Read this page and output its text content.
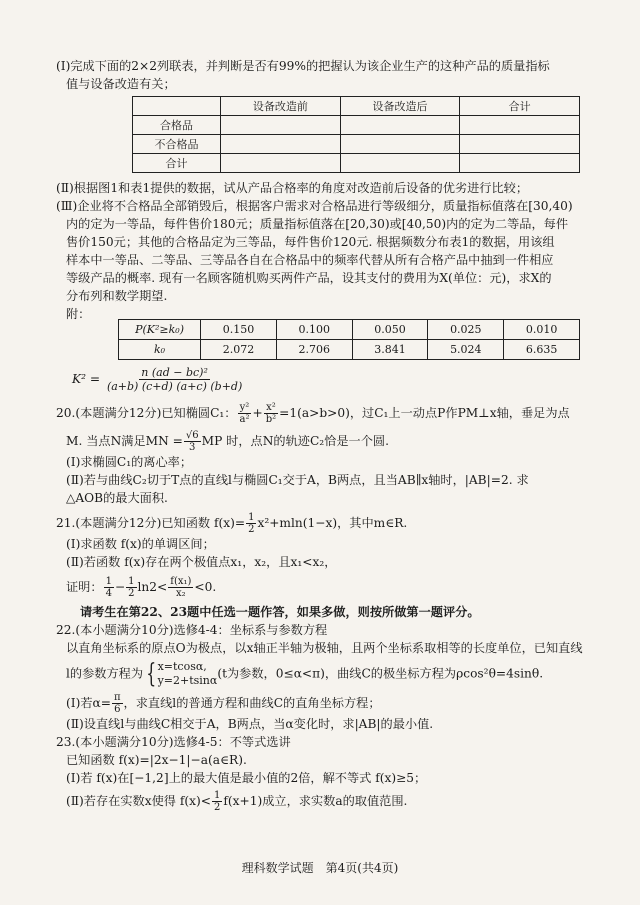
(Ⅰ)完成下面的2×2列联表，并判断是否有99%的把握认为该企业生产的这种产品的质量指标
值与设备改造有关；
	设备改造前	设备改造后	合计
合格品			
不合格品			
合计			
(Ⅱ)根据图1和表1提供的数据，试从产品合格率的角度对改造前后设备的优劣进行比较；
(Ⅲ)企业将不合格品全部销毁后，根据客户需求对合格品进行等级细分，质量指标值落在[30,40)
内的定为一等品，每件售价180元；质量指标值落在[20,30)或[40,50)内的定为二等品，每件
售价150元；其他的合格品定为三等品，每件售价120元. 根据频数分布表1的数据，用该组
样本中一等品、二等品、三等品各自在合格品中的频率代替从所有合格产品中抽到一件相应
等级产品的概率. 现有一名顾客随机购买两件产品，设其支付的费用为X(单位：元)，求X的
分布列和数学期望.
附：
P(K²≥k₀)	0.150	0.100	0.050	0.025	0.010
k₀	2.072	2.706	3.841	5.024	6.635
$K^2 = \frac{\text{n (ad − bc)²}}{(a+b) (c+d) (a+c) (b+d)}$
20.(本题满分12分)已知椭圆C₁： $\frac{\text{y²}}{\text{a²}} + \frac{\text{x²}}{\text{b²}} =1(a>b>0)$，过C₁上一动点P作PM⊥x轴，垂足为点
M. 当点N满足MN = $\frac{√6}{3}$ MP 时，点N的轨迹C₂恰是一个圆.
(Ⅰ)求椭圆C₁的离心率；
(Ⅱ)若与曲线C₂切于T点的直线l与椭圆C₁交于A，B两点，且当AB∥x轴时，|AB|=2. 求
△AOB的最大面积.
21.(本题满分12分)已知函数 $f(x)= \frac{1}{2} x^2+mln(1-x)$，其中m∈R.
(Ⅰ)求函数 f(x)的单调区间；
(Ⅱ)若函数 f(x)存在两个极值点x₁，x₂，且x₁<x₂，
证明： $\frac{1}{4} - \frac{1}{2} \ln 2< \frac{\text{f(x₁)}}{\text{x₂}} <0$.
请考生在第22、23题中任选一题作答，如果多做，则按所做第一题评分。
22.(本小题满分10分)选修4-4：坐标系与参数方程
以直角坐标系的原点O为极点，以x轴正半轴为极轴，且两个坐标系取相等的长度单位，已知直线
l的参数方程为 { x=tcosα,
y=2+tsinα (t为参数，0≤α<π)，曲线C的极坐标方程为ρcos²θ=4sinθ.
(Ⅰ)若$\alpha= \frac{\pi}{6}$ ，求直线l的普通方程和曲线C的直角坐标方程；
(Ⅱ)设直线l与曲线C相交于A，B两点，当α变化时，求|AB|的最小值.
23.(本小题满分10分)选修4-5：不等式选讲
已知函数 f(x)=|2x−1|−a(a∈R).
(Ⅰ)若 f(x)在[−1,2]上的最大值是最小值的2倍，解不等式 f(x)≥5；
(Ⅱ)若存在实数x使得 $f(x)< \frac{1}{2} f(x+1)$成立，求实数a的取值范围.
理科数学试题　第4页(共4页)
